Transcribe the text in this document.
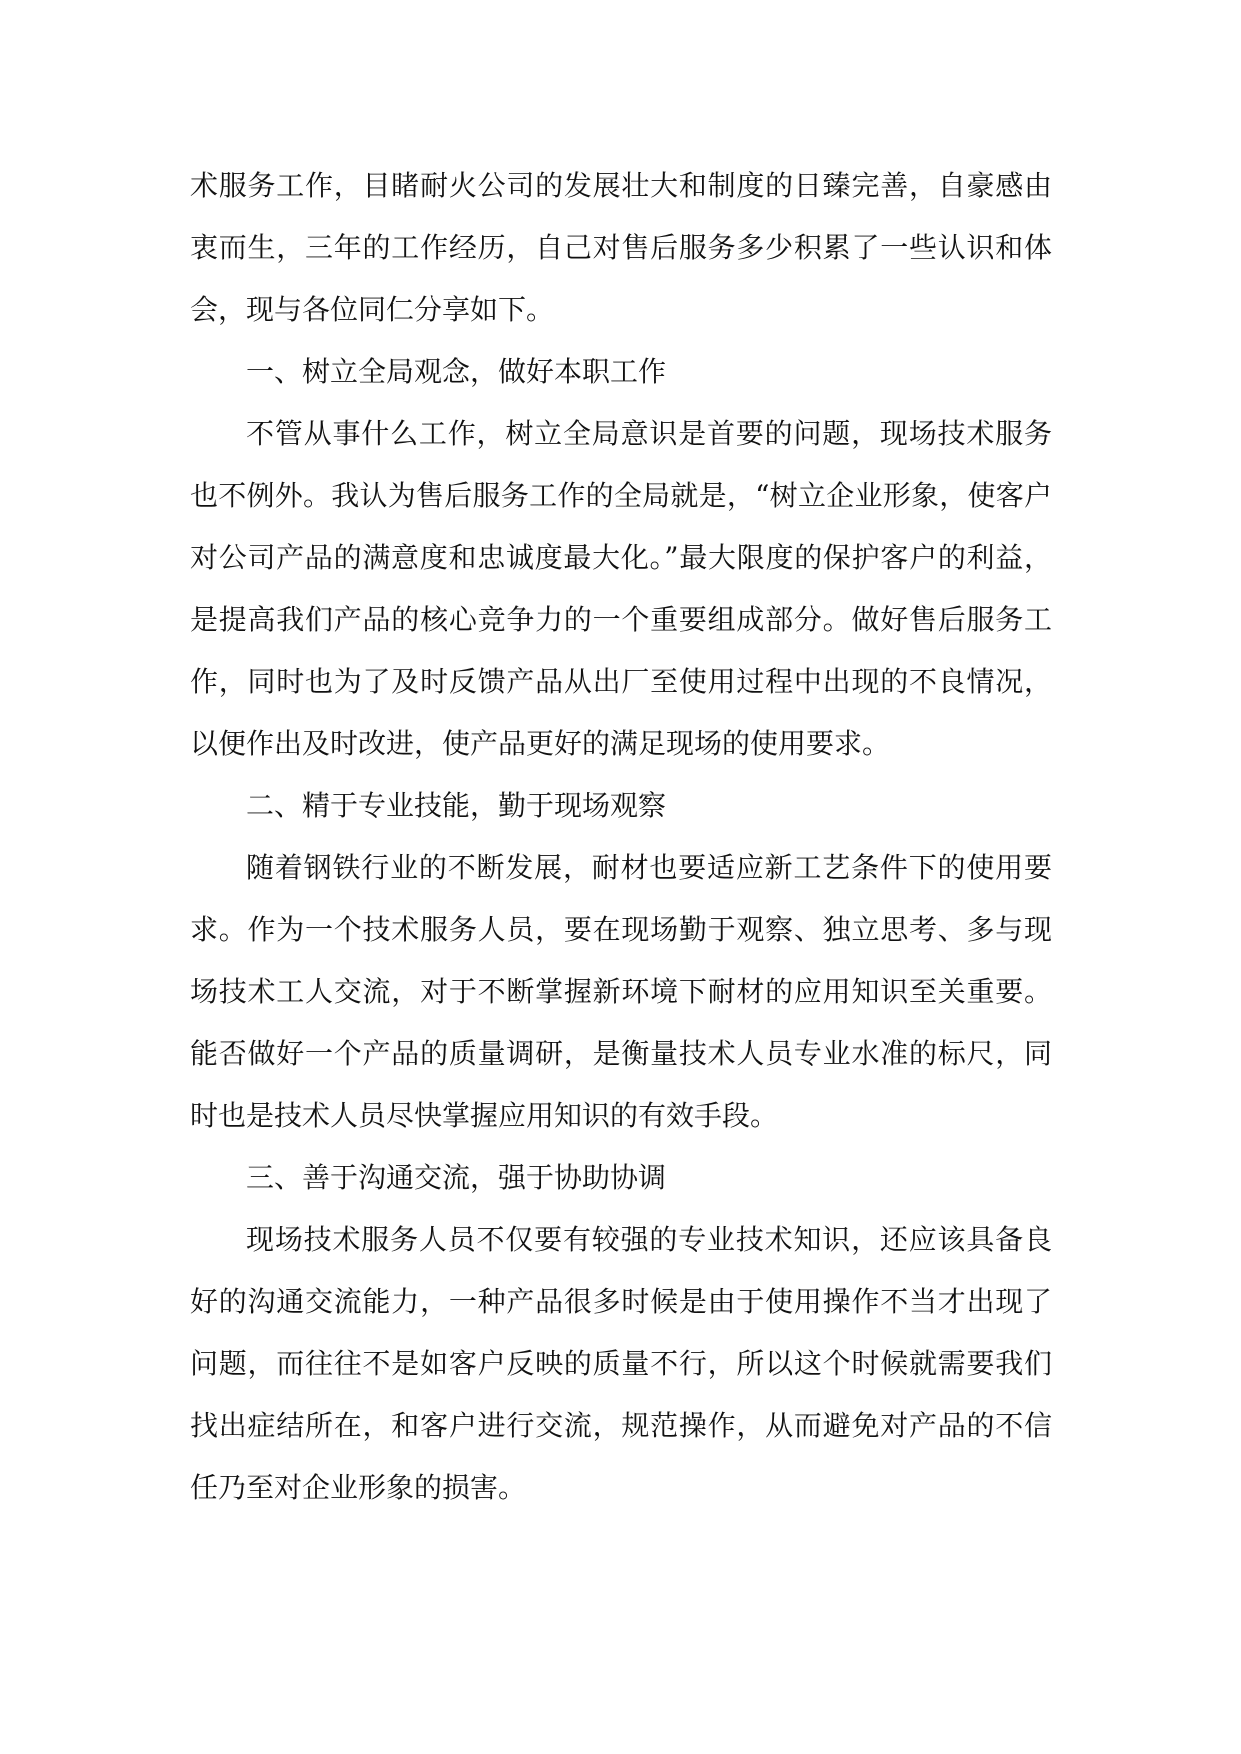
术服务工作，目睹耐火公司的发展壮大和制度的日臻完善，自豪感由衷而生，三年的工作经历，自己对售后服务多少积累了一些认识和体会，现与各位同仁分享如下。

一、树立全局观念，做好本职工作

不管从事什么工作，树立全局意识是首要的问题，现场技术服务也不例外。我认为售后服务工作的全局就是，“树立企业形象，使客户对公司产品的满意度和忠诚度最大化。”最大限度的保护客户的利益，是提高我们产品的核心竞争力的一个重要组成部分。做好售后服务工作，同时也为了及时反馈产品从出厂至使用过程中出现的不良情况，以便作出及时改进，使产品更好的满足现场的使用要求。

二、精于专业技能，勤于现场观察

随着钢铁行业的不断发展，耐材也要适应新工艺条件下的使用要求。作为一个技术服务人员，要在现场勤于观察、独立思考、多与现场技术工人交流，对于不断掌握新环境下耐材的应用知识至关重要。能否做好一个产品的质量调研，是衡量技术人员专业水准的标尺，同时也是技术人员尽快掌握应用知识的有效手段。

三、善于沟通交流，强于协助协调

现场技术服务人员不仅要有较强的专业技术知识，还应该具备良好的沟通交流能力，一种产品很多时候是由于使用操作不当才出现了问题，而往往不是如客户反映的质量不行，所以这个时候就需要我们找出症结所在，和客户进行交流，规范操作，从而避免对产品的不信任乃至对企业形象的损害。
